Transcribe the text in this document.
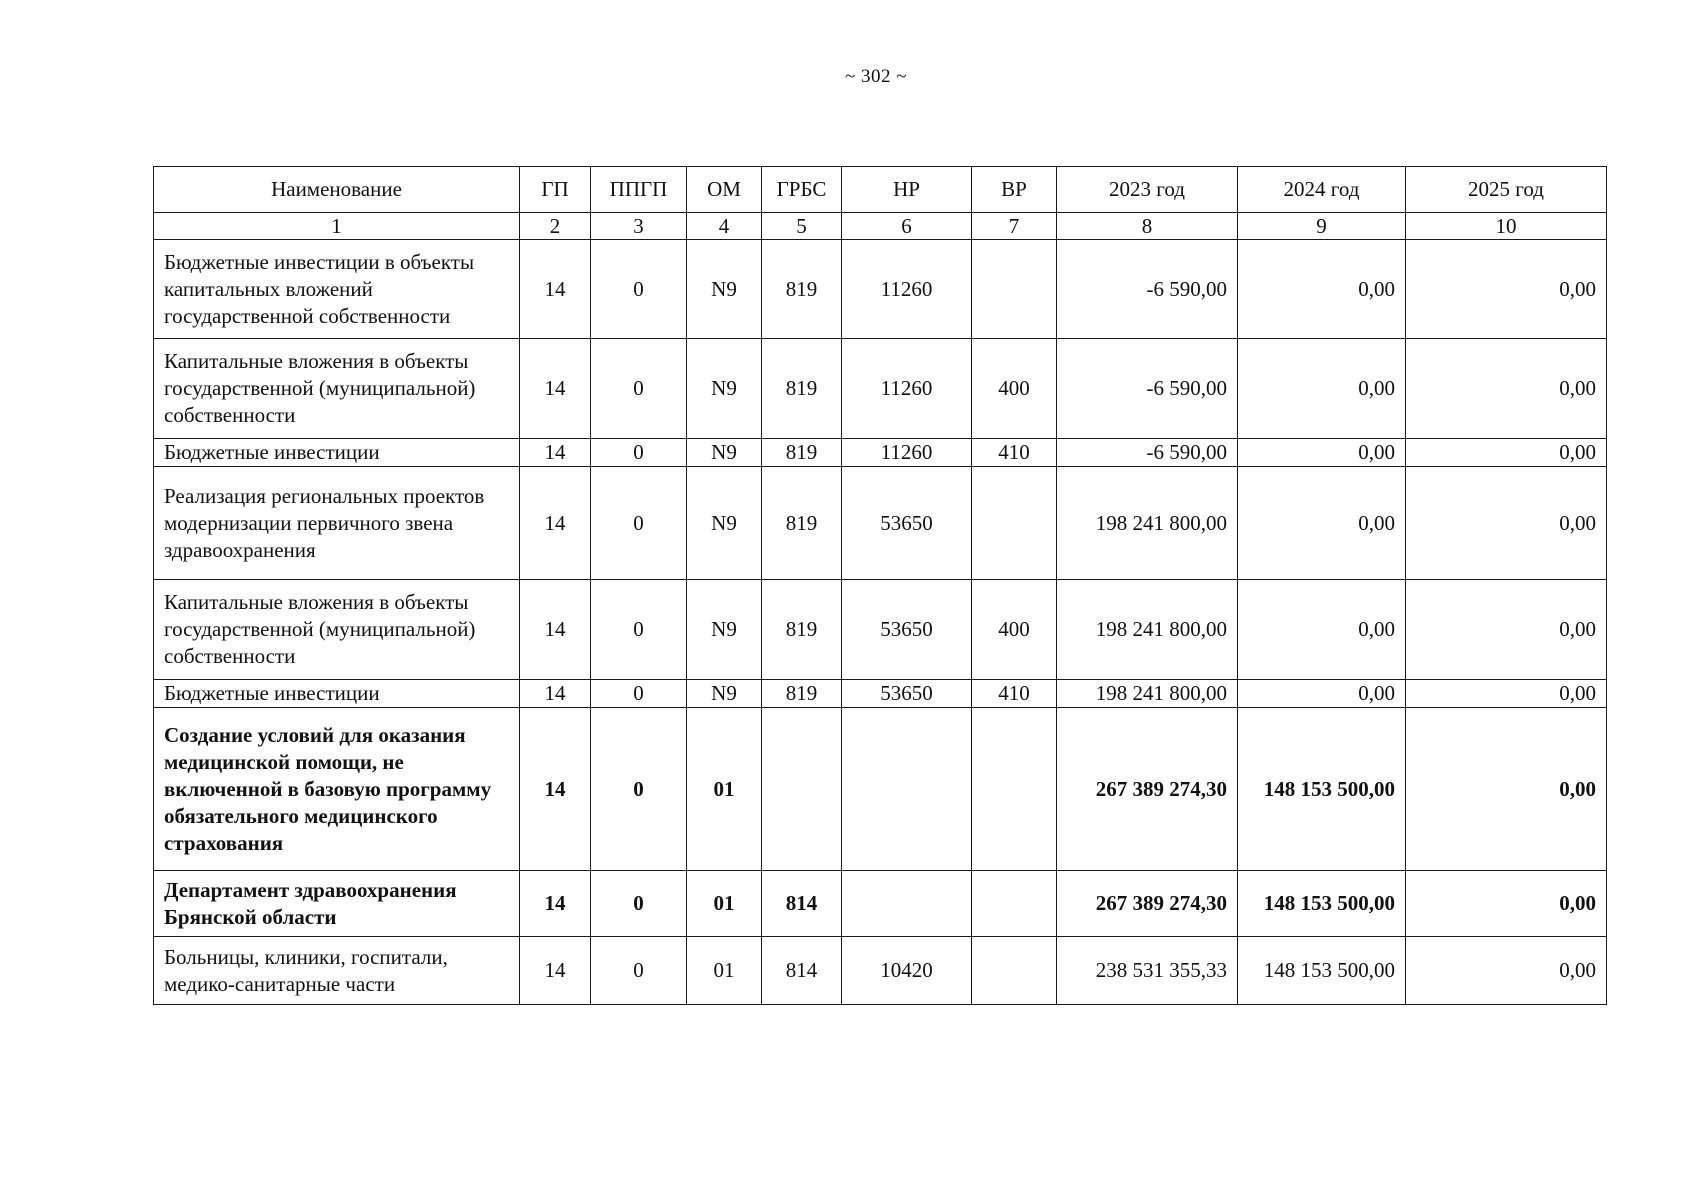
~ 302 ~
Наименование	ГП	ППГП	ОМ	ГРБС	НР	ВР	2023 год	2024 год	2025 год
1	2	3	4	5	6	7	8	9	10
Бюджетные инвестиции в объекты капитальных вложений государственной собственности	14	0	N9	819	11260		-6 590,00	0,00	0,00
Капитальные вложения в объекты государственной (муниципальной) собственности	14	0	N9	819	11260	400	-6 590,00	0,00	0,00
Бюджетные инвестиции	14	0	N9	819	11260	410	-6 590,00	0,00	0,00
Реализация региональных проектов модернизации первичного звена здравоохранения	14	0	N9	819	53650		198 241 800,00	0,00	0,00
Капитальные вложения в объекты государственной (муниципальной) собственности	14	0	N9	819	53650	400	198 241 800,00	0,00	0,00
Бюджетные инвестиции	14	0	N9	819	53650	410	198 241 800,00	0,00	0,00
Создание условий для оказания медицинской помощи, не включенной в базовую программу обязательного медицинского страхования	14	0	01				267 389 274,30	148 153 500,00	0,00
Департамент здравоохранения Брянской области	14	0	01	814			267 389 274,30	148 153 500,00	0,00
Больницы, клиники, госпитали, медико-санитарные части	14	0	01	814	10420		238 531 355,33	148 153 500,00	0,00
